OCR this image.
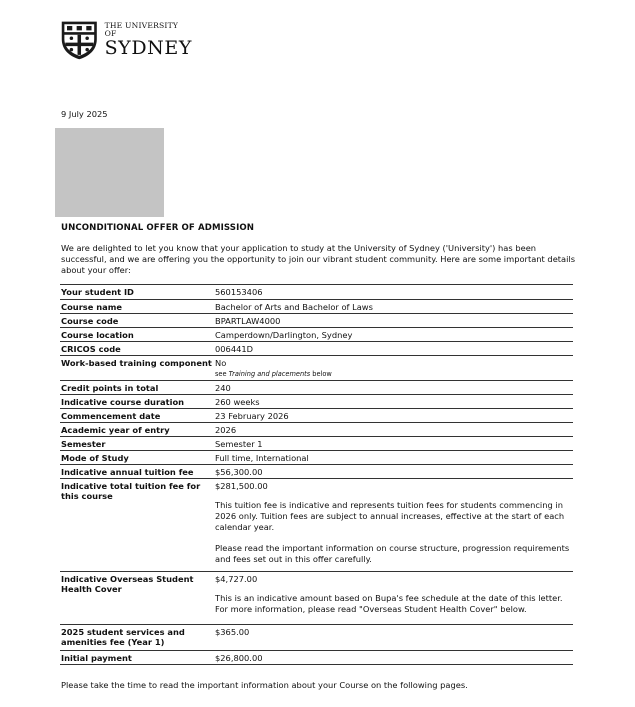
THE UNIVERSITY OF
SYDNEY
9 July 2025
UNCONDITIONAL OFFER OF ADMISSION
We are delighted to let you know that your application to study at the University of Sydney ('University') has been successful, and we are offering you the opportunity to join our vibrant student community. Here are some important details about your offer:
Your student ID	560153406
Course name	Bachelor of Arts and Bachelor of Laws
Course code	BPARTLAW4000
Course location	Camperdown/Darlington, Sydney
CRICOS code	006441D
Work-based training component	No
see Training and placements below

Credit points in total	240
Indicative course duration	260 weeks
Commencement date	23 February 2026
Academic year of entry	2026
Semester	Semester 1
Mode of Study	Full time, International
Indicative annual tuition fee	$56,300.00
Indicative total tuition fee for this course	$281,500.00

This tuition fee is indicative and represents tuition fees for students commencing in 2026 only. Tuition fees are subject to annual increases, effective at the start of each calendar year.

Please read the important information on course structure, progression requirements and fees set out in this offer carefully.

Indicative Overseas Student Health Cover	$4,727.00

This is an indicative amount based on Bupa's fee schedule at the date of this letter. For more information, please read "Overseas Student Health Cover" below.

2025 student services and amenities fee (Year 1)	$365.00
Initial payment	$26,800.00
Please take the time to read the important information about your Course on the following pages.
